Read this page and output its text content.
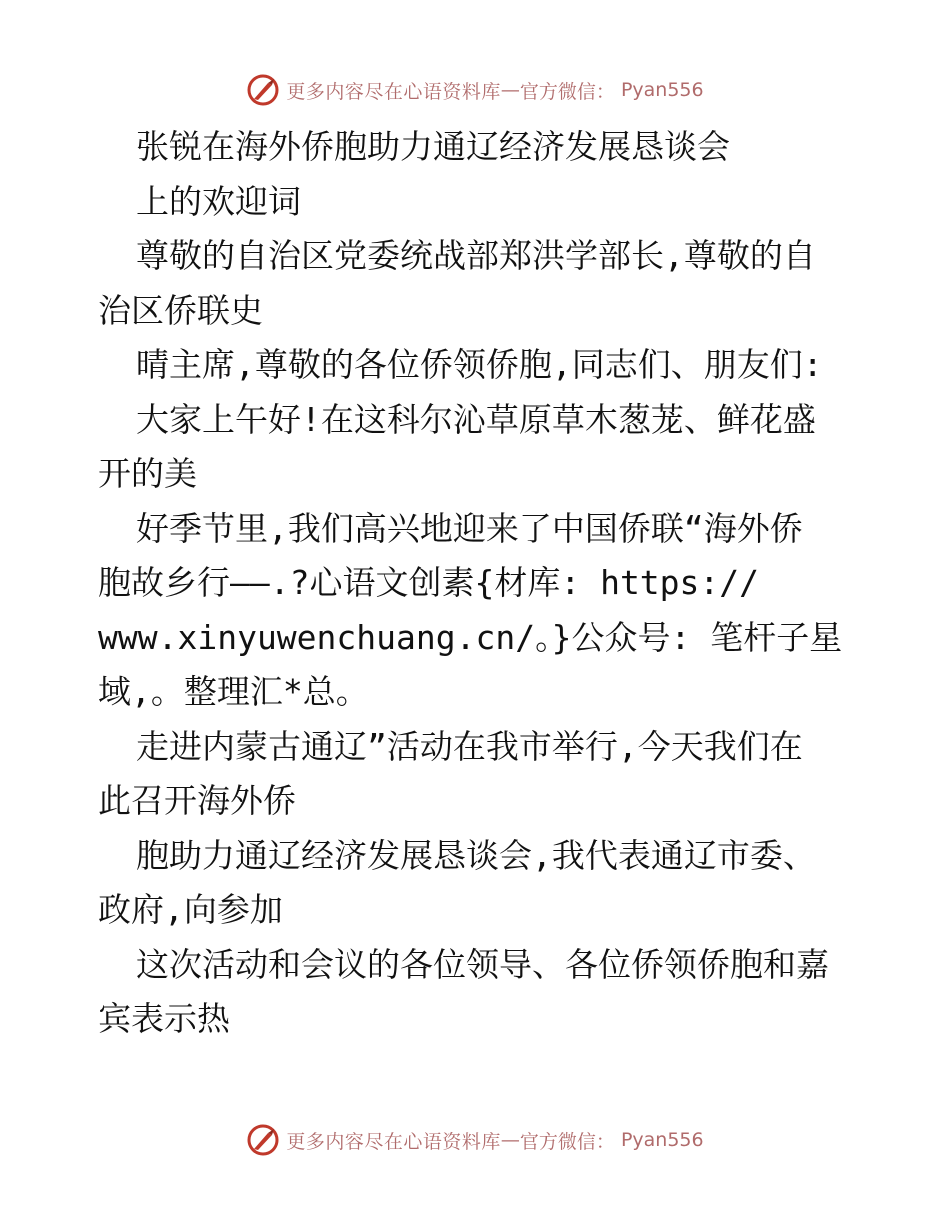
更多内容尽在心语资料库 — 官方微信： Pyan556
张锐在海外侨胞助力通辽经济发展恳谈会
上的欢迎词
尊敬的自治区党委统战部郑洪学部长,尊敬的自
治区侨联史
晴主席,尊敬的各位侨领侨胞,同志们、朋友们:
大家上午好!在这科尔沁草原草木葱茏、鲜花盛
开的美
好季节里,我们高兴地迎来了中国侨联“海外侨
胞故乡行——.?心语文创素{材库: https://
www.xinyuwenchuang.cn/。}公众号: 笔杆子星
域,。整理汇*总。
走进内蒙古通辽”活动在我市举行,今天我们在
此召开海外侨
胞助力通辽经济发展恳谈会,我代表通辽市委、
政府,向参加
这次活动和会议的各位领导、各位侨领侨胞和嘉
宾表示热
更多内容尽在心语资料库 — 官方微信： Pyan556
